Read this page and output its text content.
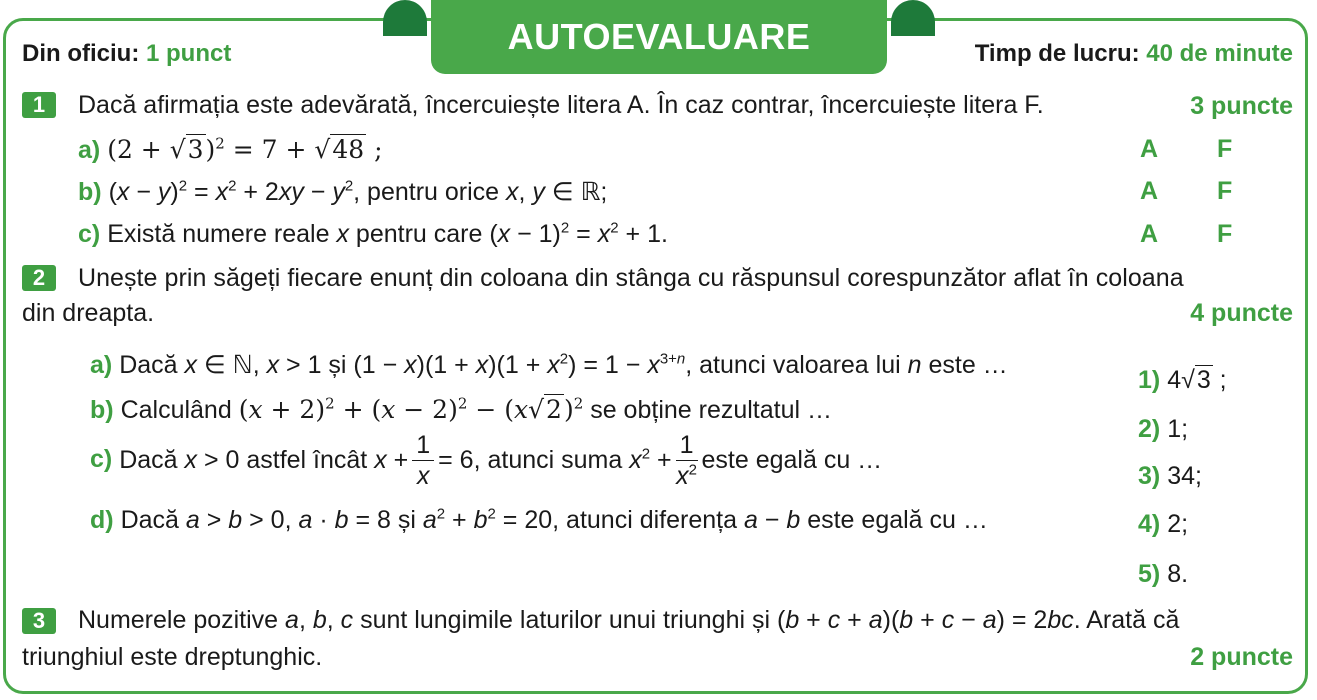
AUTOEVALUARE
Din oficiu: 1 punct	Timp de lucru: 40 de minute
1	Dacă afirmația este adevărată, încercuiește litera A. În caz contrar, încercuiește litera F.	3 puncte
a) $(2 + √3)^2 = 7 + √48$ ;	A F
b) $(x - y)^2 = x^2 + 2xy - y^2$, pentru orice x, y ∈ ℝ;	A F
c) Există numere reale x pentru care $(x - 1)^2 = x^2 + 1$.	A F
2	Unește prin săgeți fiecare enunț din coloana din stânga cu răspunsul corespunzător aflat în coloana
din dreapta.	4 puncte
a) Dacă x ∈ ℕ, x > 1 și $(1 - x)(1 + x)(1 + x^2) = 1 - x^{3+n}$, atunci valoarea lui n este …
b) Calculând $(x + 2)^2 + (x - 2)^2 - (x√2)^2$ se obține rezultatul …
c) Dacă x > 0 astfel încât $x + \frac{1}{x} = 6$, atunci suma $x^2 + \frac{1}{x^2}$ este egală cu …
d) Dacă a > b > 0, a · b = 8 și $a^2 + b^2 = 20$, atunci diferența a − b este egală cu …
1) 4√3 ;
2) 1;
3) 34;
4) 2;
5) 8.
3	Numerele pozitive a, b, c sunt lungimile laturilor unui triunghi și (b + c + a)(b + c − a) = 2bc. Arată că
triunghiul este dreptunghic.	2 puncte
